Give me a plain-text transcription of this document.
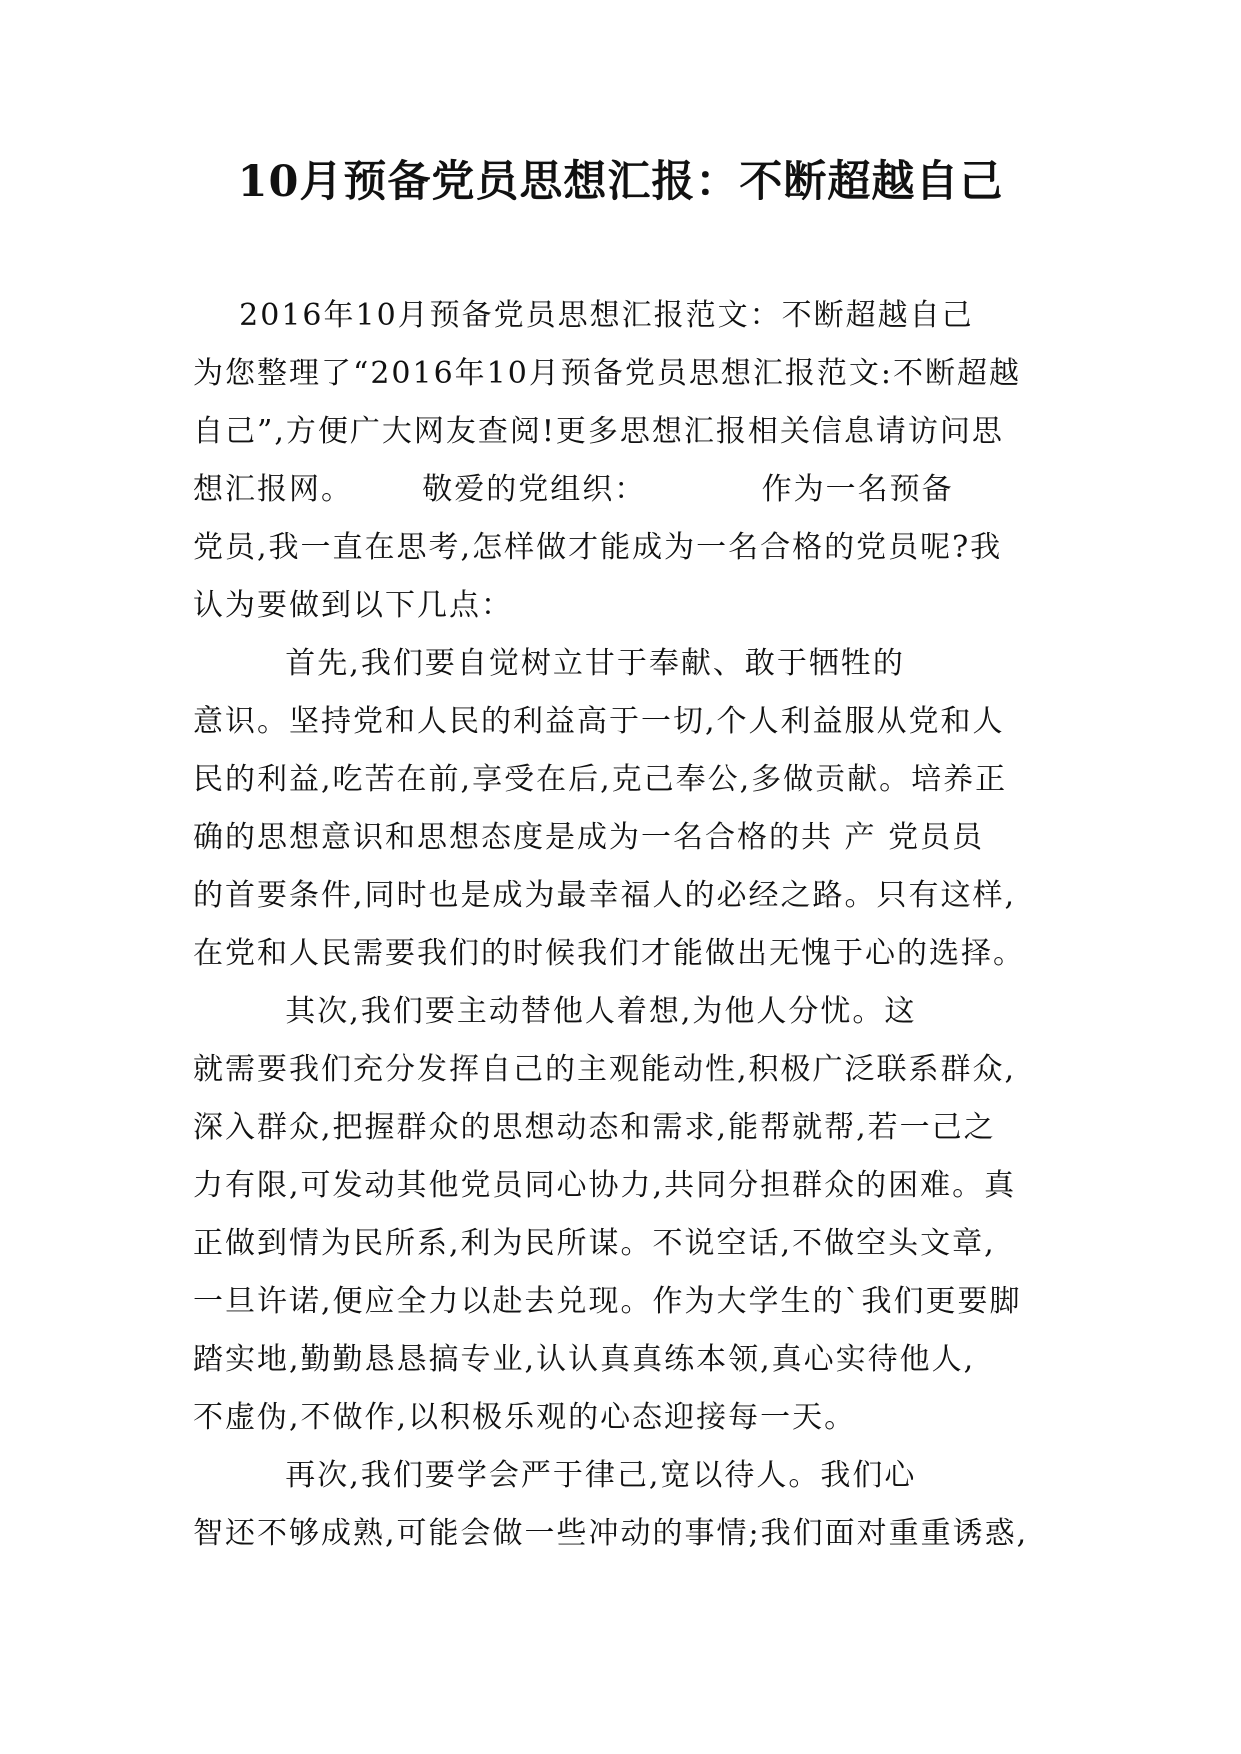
10月预备党员思想汇报：不断超越自己
2016年10月预备党员思想汇报范文：不断超越自己
为您整理了“2016年10月预备党员思想汇报范文:不断超越
自己”,方便广大网友查阅!更多思想汇报相关信息请访问思
想汇报网。      敬爱的党组织：          作为一名预备
党员,我一直在思考,怎样做才能成为一名合格的党员呢?我
认为要做到以下几点：
首先,我们要自觉树立甘于奉献、敢于牺牲的
意识。坚持党和人民的利益高于一切,个人利益服从党和人
民的利益,吃苦在前,享受在后,克己奉公,多做贡献。培养正
确的思想意识和思想态度是成为一名合格的共 产 党员员
的首要条件,同时也是成为最幸福人的必经之路。只有这样,
在党和人民需要我们的时候我们才能做出无愧于心的选择。
其次,我们要主动替他人着想,为他人分忧。这
就需要我们充分发挥自己的主观能动性,积极广泛联系群众,
深入群众,把握群众的思想动态和需求,能帮就帮,若一己之
力有限,可发动其他党员同心协力,共同分担群众的困难。真
正做到情为民所系,利为民所谋。不说空话,不做空头文章,
一旦许诺,便应全力以赴去兑现。作为大学生的`我们更要脚
踏实地,勤勤恳恳搞专业,认认真真练本领,真心实待他人,
不虚伪,不做作,以积极乐观的心态迎接每一天。
再次,我们要学会严于律己,宽以待人。我们心
智还不够成熟,可能会做一些冲动的事情;我们面对重重诱惑,
